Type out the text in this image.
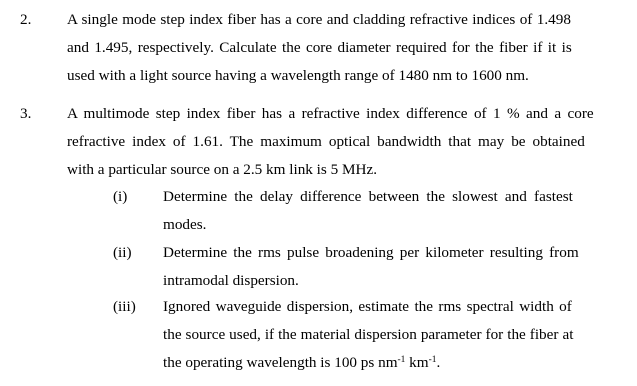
2. A single mode step index fiber has a core and cladding refractive indices of 1.498
and 1.495, respectively. Calculate the core diameter required for the fiber if it is
used with a light source having a wavelength range of 1480 nm to 1600 nm.
3. A multimode step index fiber has a refractive index difference of 1 % and a core
refractive index of 1.61. The maximum optical bandwidth that may be obtained
with a particular source on a 2.5 km link is 5 MHz.
(i) Determine the delay difference between the slowest and fastest
modes.
(ii) Determine the rms pulse broadening per kilometer resulting from
intramodal dispersion.
(iii) Ignored waveguide dispersion, estimate the rms spectral width of
the source used, if the material dispersion parameter for the fiber at
the operating wavelength is 100 ps $nm^{-1}$ $km^{-1}$.
